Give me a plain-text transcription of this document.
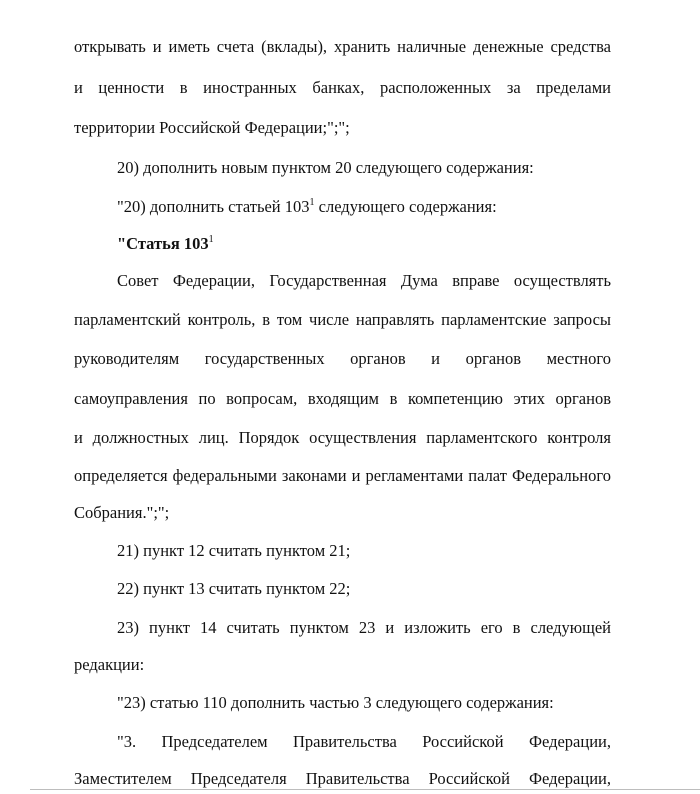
открывать и иметь счета (вклады), хранить наличные денежные средства
и ценности в иностранных банках, расположенных за пределами
территории Российской Федерации;";";
20) дополнить новым пунктом 20 следующего содержания:
"20) дополнить статьей $103^1$ следующего содержания:
"Статья $103^1$
Совет Федерации, Государственная Дума вправе осуществлять
парламентский контроль, в том числе направлять парламентские запросы
руководителям государственных органов и органов местного
самоуправления по вопросам, входящим в компетенцию этих органов
и должностных лиц. Порядок осуществления парламентского контроля
определяется федеральными законами и регламентами палат Федерального
Собрания.";";
21) пункт 12 считать пунктом 21;
22) пункт 13 считать пунктом 22;
23) пункт 14 считать пунктом 23 и изложить его в следующей
редакции:
"23) статью 110 дополнить частью 3 следующего содержания:
"3. Председателем Правительства Российской Федерации,
Заместителем Председателя Правительства Российской Федерации,
